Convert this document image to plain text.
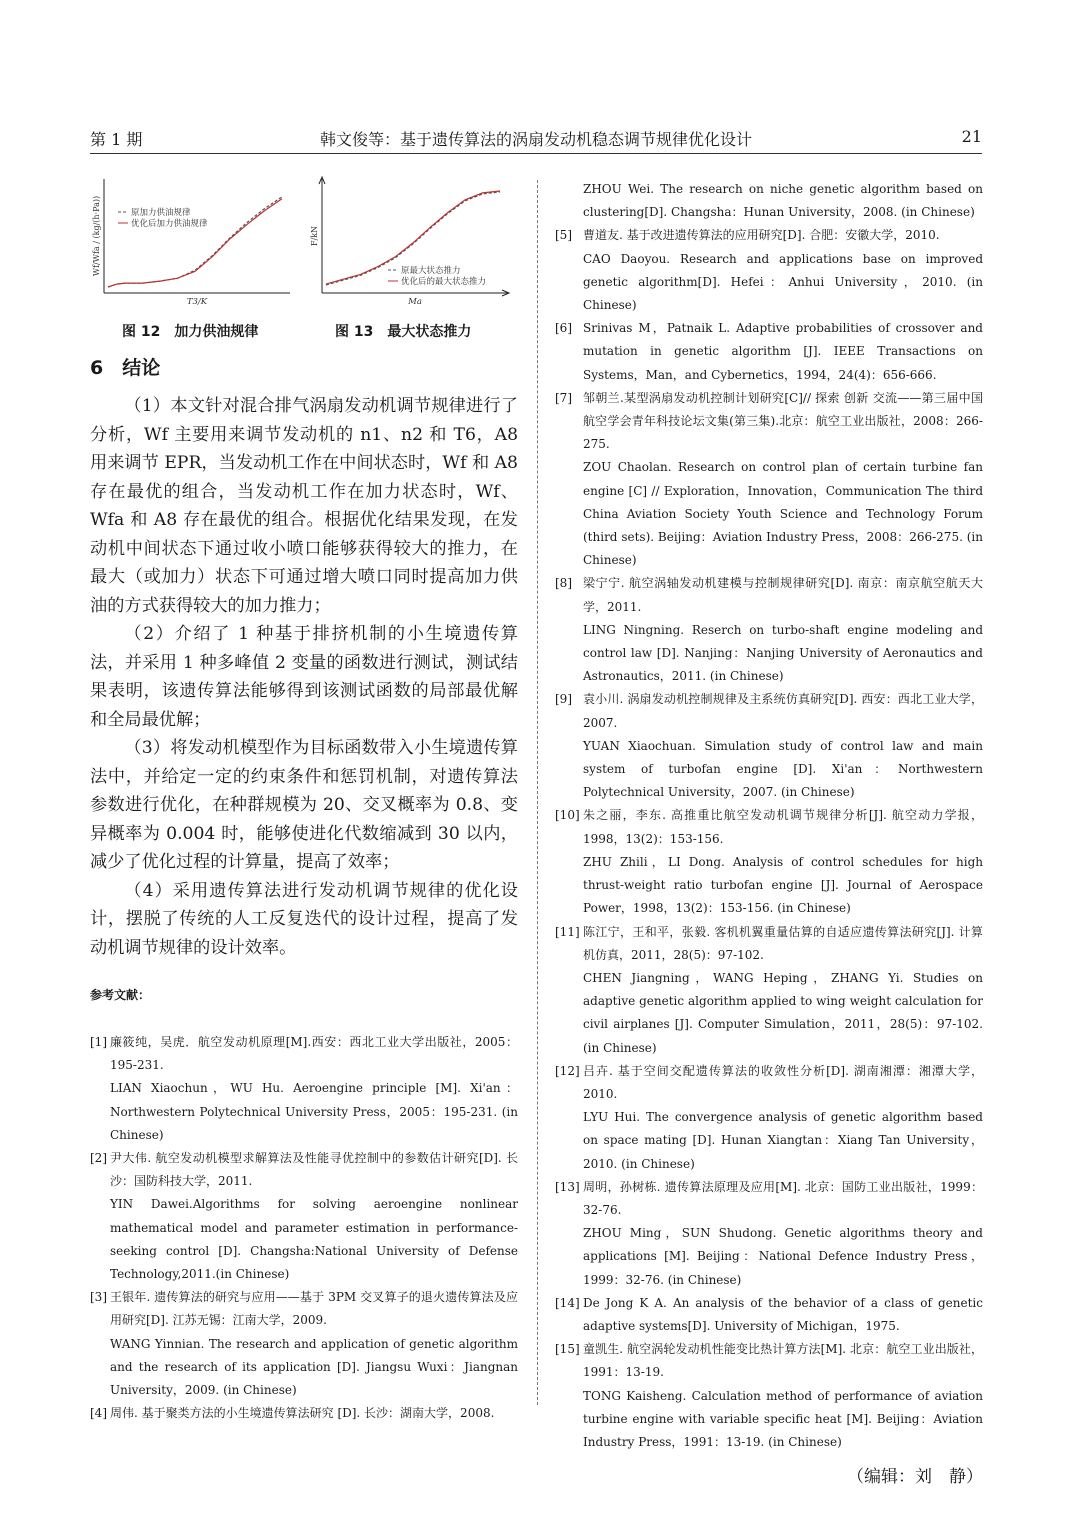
第 1 期	韩文俊等：基于遗传算法的涡扇发动机稳态调节规律优化设计	21
原加力供油规律
优化后加力供油规律
T3/K
Wf/Wfa / (kg/(h·Pa))
图 12　加力供油规律
原最大状态推力
优化后的最大状态推力
Ma
F/kN
图 13　最大状态推力
6　结论

（1）本文针对混合排气涡扇发动机调节规律进行了分析，Wf 主要用来调节发动机的 n1、n2 和 T6，A8 用来调节 EPR，当发动机工作在中间状态时，Wf 和 A8 存在最优的组合，当发动机工作在加力状态时，Wf、Wfa 和 A8 存在最优的组合。根据优化结果发现，在发动机中间状态下通过收小喷口能够获得较大的推力，在最大（或加力）状态下可通过增大喷口同时提高加力供油的方式获得较大的加力推力；

（2）介绍了 1 种基于排挤机制的小生境遗传算法，并采用 1 种多峰值 2 变量的函数进行测试，测试结果表明，该遗传算法能够得到该测试函数的局部最优解和全局最优解；

（3）将发动机模型作为目标函数带入小生境遗传算法中，并给定一定的约束条件和惩罚机制，对遗传算法参数进行优化，在种群规模为 20、交叉概率为 0.8、变异概率为 0.004 时，能够使进化代数缩减到 30 以内，减少了优化过程的计算量，提高了效率；

（4）采用遗传算法进行发动机调节规律的优化设计，摆脱了传统的人工反复迭代的设计过程，提高了发动机调节规律的设计效率。

参考文献：
[1] 廉筱纯，吴虎．航空发动机原理[M].西安：西北工业大学出版社，2005：195-231.
LIAN Xiaochun，WU Hu. Aeroengine principle [M]. Xi'an：Northwestern Polytechnical University Press，2005：195-231. (in Chinese)
[2] 尹大伟. 航空发动机模型求解算法及性能寻优控制中的参数估计研究[D]. 长沙：国防科技大学，2011.
YIN Dawei.Algorithms for solving aeroengine nonlinear mathematical model and parameter estimation in performance-seeking control [D]. Changsha:National University of Defense Technology,2011.(in Chinese)
[3] 王银年. 遗传算法的研究与应用——基于 3PM 交叉算子的退火遗传算法及应用研究[D]. 江苏无锡：江南大学，2009.
WANG Yinnian. The research and application of genetic algorithm and the research of its application [D]. Jiangsu Wuxi：Jiangnan University，2009. (in Chinese)
[4] 周伟. 基于聚类方法的小生境遗传算法研究 [D]. 长沙：湖南大学，2008.
ZHOU Wei. The research on niche genetic algorithm based on clustering[D]. Changsha：Hunan University，2008. (in Chinese)
[5] 曹道友. 基于改进遗传算法的应用研究[D]. 合肥：安徽大学，2010.
CAO Daoyou. Research and applications base on improved genetic algorithm[D]. Hefei：Anhui University，2010. (in Chinese)
[6] Srinivas M，Patnaik L. Adaptive probabilities of crossover and mutation in genetic algorithm [J]. IEEE Transactions on Systems，Man，and Cybernetics，1994，24(4)：656-666.
[7] 邹朝兰.某型涡扇发动机控制计划研究[C]// 探索 创新 交流——第三届中国航空学会青年科技论坛文集(第三集).北京：航空工业出版社，2008：266-275.
ZOU Chaolan. Research on control plan of certain turbine fan engine [C] // Exploration，Innovation，Communication The third China Aviation Society Youth Science and Technology Forum (third sets). Beijing：Aviation Industry Press，2008：266-275. (in Chinese)
[8] 梁宁宁. 航空涡轴发动机建模与控制规律研究[D]. 南京：南京航空航天大学，2011.
LING Ningning. Reserch on turbo-shaft engine modeling and control law [D]. Nanjing：Nanjing University of Aeronautics and Astronautics，2011. (in Chinese)
[9] 袁小川. 涡扇发动机控制规律及主系统仿真研究[D]. 西安：西北工业大学，2007.
YUAN Xiaochuan. Simulation study of control law and main system of turbofan engine [D]. Xi'an：Northwestern Polytechnical University，2007. (in Chinese)
[10] 朱之丽，李东. 高推重比航空发动机调节规律分析[J]. 航空动力学报，1998，13(2)：153-156.
ZHU Zhili，LI Dong. Analysis of control schedules for high thrust-weight ratio turbofan engine [J]. Journal of Aerospace Power，1998，13(2)：153-156. (in Chinese)
[11] 陈江宁，王和平，张毅. 客机机翼重量估算的自适应遗传算法研究[J]. 计算机仿真，2011，28(5)：97-102.
CHEN Jiangning，WANG Heping，ZHANG Yi. Studies on adaptive genetic algorithm applied to wing weight calculation for civil airplanes [J]. Computer Simulation，2011，28(5)：97-102. (in Chinese)
[12] 吕卉. 基于空间交配遗传算法的收敛性分析[D]. 湖南湘潭：湘潭大学，2010.
LYU Hui. The convergence analysis of genetic algorithm based on space mating [D]. Hunan Xiangtan：Xiang Tan University，2010. (in Chinese)
[13] 周明，孙树栋. 遗传算法原理及应用[M]. 北京：国防工业出版社，1999：32-76.
ZHOU Ming，SUN Shudong. Genetic algorithms theory and applications [M]. Beijing：National Defence Industry Press，1999：32-76. (in Chinese)
[14] De Jong K A. An analysis of the behavior of a class of genetic adaptive systems[D]. University of Michigan，1975.
[15] 童凯生. 航空涡轮发动机性能变比热计算方法[M]. 北京：航空工业出版社，1991：13-19.
TONG Kaisheng. Calculation method of performance of aviation turbine engine with variable specific heat [M]. Beijing：Aviation Industry Press，1991：13-19. (in Chinese)
（编辑：刘　静）
